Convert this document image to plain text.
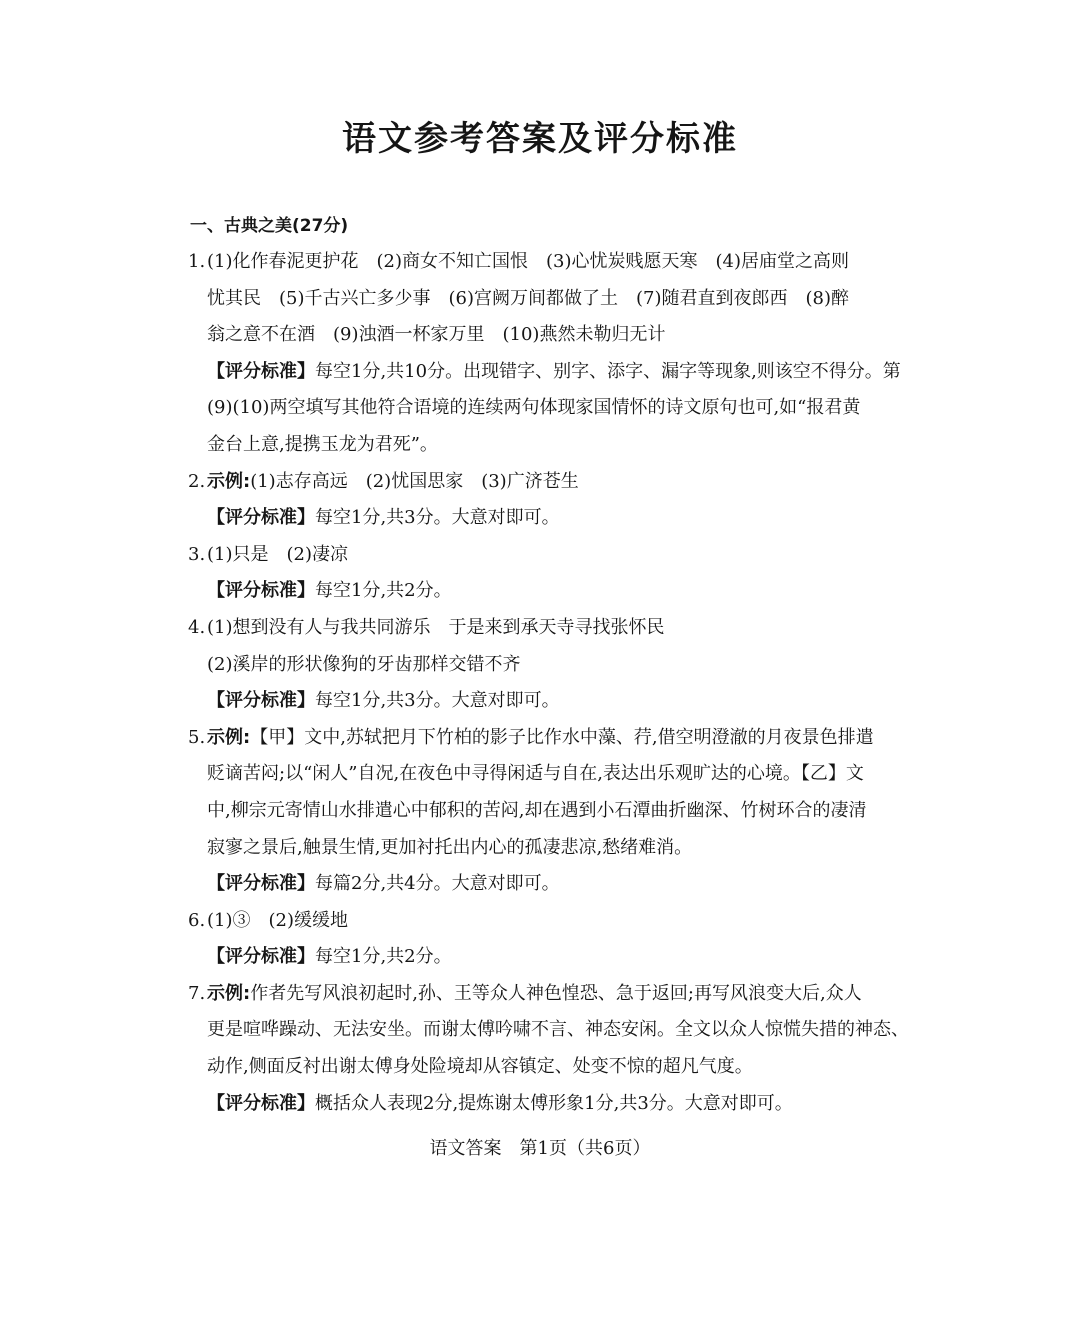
语文参考答案及评分标准
一、古典之美(27分)
1. (1)化作春泥更护花　(2)商女不知亡国恨　(3)心忧炭贱愿天寒　(4)居庙堂之高则
忧其民　(5)千古兴亡多少事　(6)宫阙万间都做了土　(7)随君直到夜郎西　(8)醉
翁之意不在酒　(9)浊酒一杯家万里　(10)燕然未勒归无计
【评分标准】每空1分,共10分。出现错字、别字、添字、漏字等现象,则该空不得分。第
(9)(10)两空填写其他符合语境的连续两句体现家国情怀的诗文原句也可,如“报君黄
金台上意,提携玉龙为君死”。
2. 示例:(1)志存高远　(2)忧国思家　(3)广济苍生
【评分标准】每空1分,共3分。大意对即可。
3. (1)只是　(2)凄凉
【评分标准】每空1分,共2分。
4. (1)想到没有人与我共同游乐　于是来到承天寺寻找张怀民
(2)溪岸的形状像狗的牙齿那样交错不齐
【评分标准】每空1分,共3分。大意对即可。
5. 示例:【甲】文中,苏轼把月下竹柏的影子比作水中藻、荇,借空明澄澈的月夜景色排遣
贬谪苦闷;以“闲人”自况,在夜色中寻得闲适与自在,表达出乐观旷达的心境。【乙】文
中,柳宗元寄情山水排遣心中郁积的苦闷,却在遇到小石潭曲折幽深、竹树环合的凄清
寂寥之景后,触景生情,更加衬托出内心的孤凄悲凉,愁绪难消。
【评分标准】每篇2分,共4分。大意对即可。
6. (1)③　(2)缓缓地
【评分标准】每空1分,共2分。
7. 示例:作者先写风浪初起时,孙、王等众人神色惶恐、急于返回;再写风浪变大后,众人
更是喧哗躁动、无法安坐。而谢太傅吟啸不言、神态安闲。全文以众人惊慌失措的神态、
动作,侧面反衬出谢太傅身处险境却从容镇定、处变不惊的超凡气度。
【评分标准】概括众人表现2分,提炼谢太傅形象1分,共3分。大意对即可。
语文答案　第1页（共6页）
